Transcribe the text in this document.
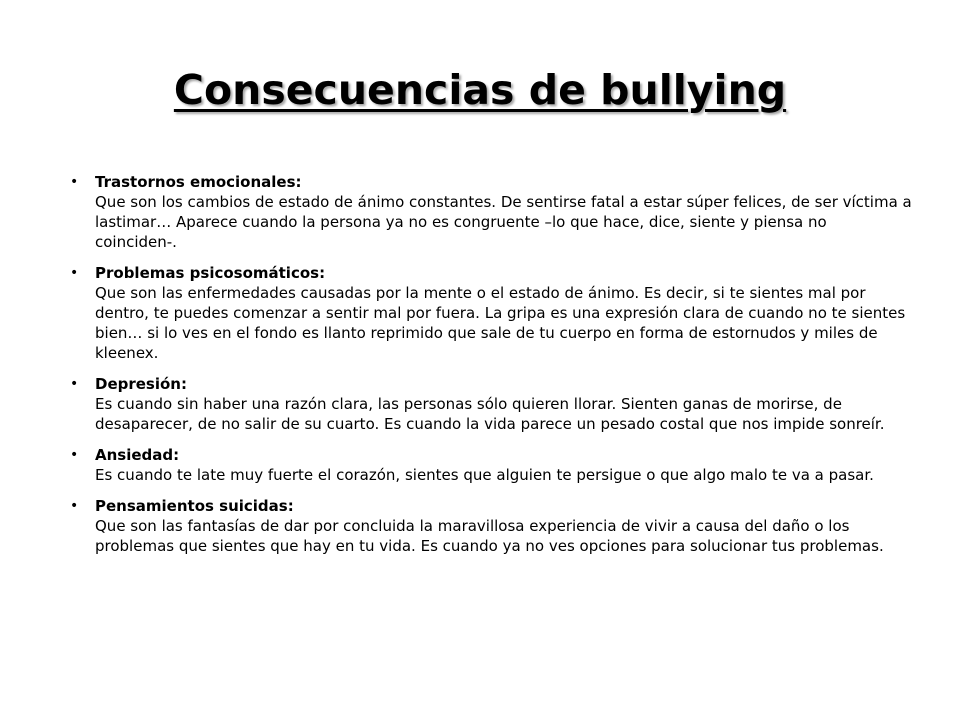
Consecuencias de bullying
• Trastornos emocionales:
Que son los cambios de estado de ánimo constantes. De sentirse fatal a estar súper felices, de ser víctima a lastimar… Aparece cuando la persona ya no es congruente –lo que hace, dice, siente y piensa no coinciden-.
• Problemas psicosomáticos:
Que son las enfermedades causadas por la mente o el estado de ánimo. Es decir, si te sientes mal por dentro, te puedes comenzar a sentir mal por fuera. La gripa es una expresión clara de cuando no te sientes bien… si lo ves en el fondo es llanto reprimido que sale de tu cuerpo en forma de estornudos y miles de kleenex.
• Depresión:
Es cuando sin haber una razón clara, las personas sólo quieren llorar. Sienten ganas de morirse, de desaparecer, de no salir de su cuarto. Es cuando la vida parece un pesado costal que nos impide sonreír.
• Ansiedad:
Es cuando te late muy fuerte el corazón, sientes que alguien te persigue o que algo malo te va a pasar.
• Pensamientos suicidas:
Que son las fantasías de dar por concluida la maravillosa experiencia de vivir a causa del daño o los problemas que sientes que hay en tu vida. Es cuando ya no ves opciones para solucionar tus problemas.
